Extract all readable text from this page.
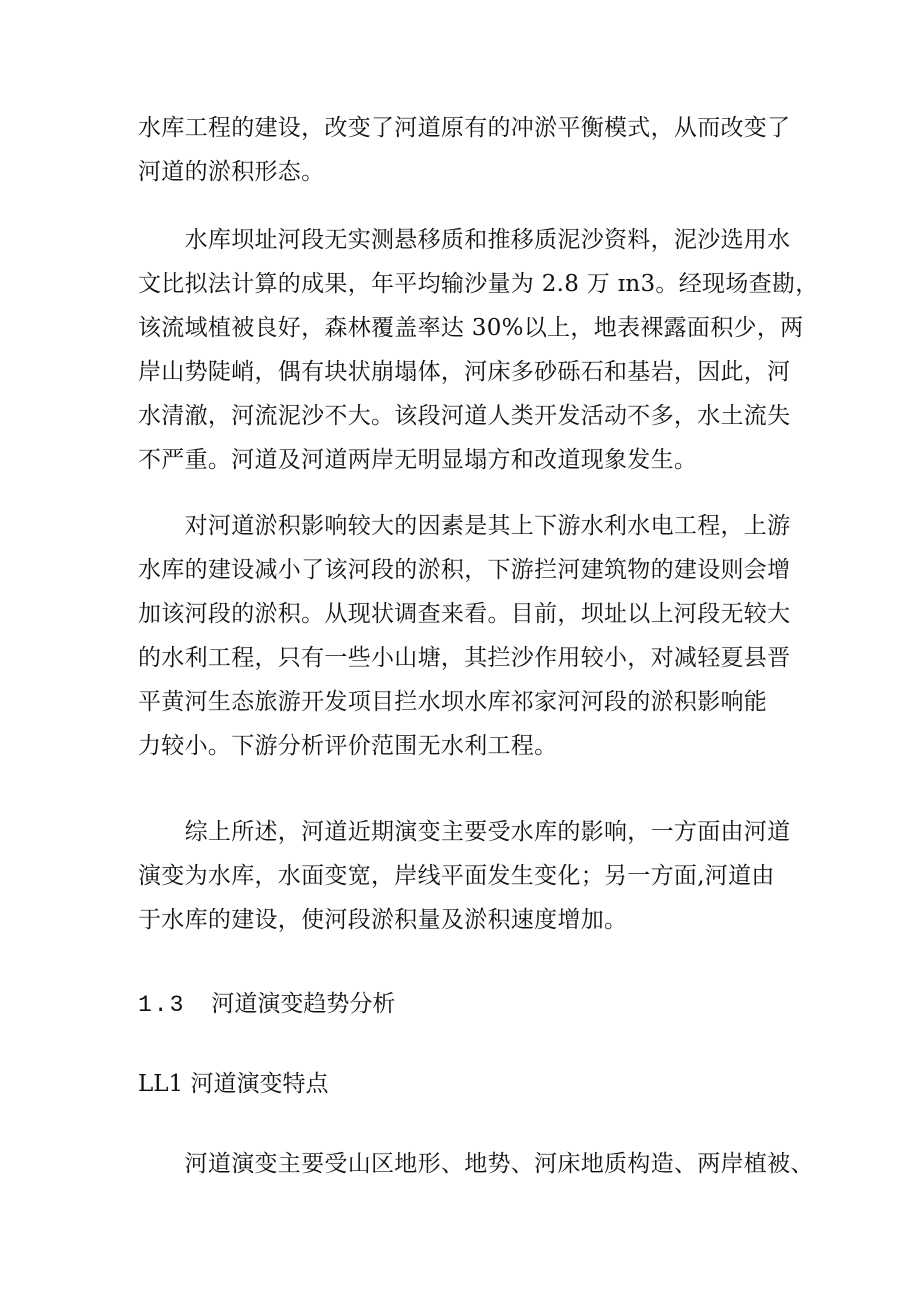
水库工程的建设，改变了河道原有的冲淤平衡模式，从而改变了
河道的淤积形态。

　　水库坝址河段无实测悬移质和推移质泥沙资料，泥沙选用水
文比拟法计算的成果，年平均输沙量为 2.8 万 ɪn3。经现场查勘，
该流域植被良好，森林覆盖率达 30%以上，地表裸露面积少，两
岸山势陡峭，偶有块状崩塌体，河床多砂砾石和基岩，因此，河
水清澈，河流泥沙不大。该段河道人类开发活动不多，水土流失
不严重。河道及河道两岸无明显塌方和改道现象发生。

　　对河道淤积影响较大的因素是其上下游水利水电工程，上游
水库的建设减小了该河段的淤积，下游拦河建筑物的建设则会增
加该河段的淤积。从现状调查来看。目前，坝址以上河段无较大
的水利工程，只有一些小山塘，其拦沙作用较小，对减轻夏县晋
平黄河生态旅游开发项目拦水坝水库祁家河河段的淤积影响能
力较小。下游分析评价范围无水利工程。

　　综上所述，河道近期演变主要受水库的影响，一方面由河道
演变为水库，水面变宽，岸线平面发生变化；另一方面,河道由
于水库的建设，使河段淤积量及淤积速度增加。

1.3 河道演变趋势分析
LL1 河道演变特点

　　河道演变主要受山区地形、地势、河床地质构造、两岸植被、
